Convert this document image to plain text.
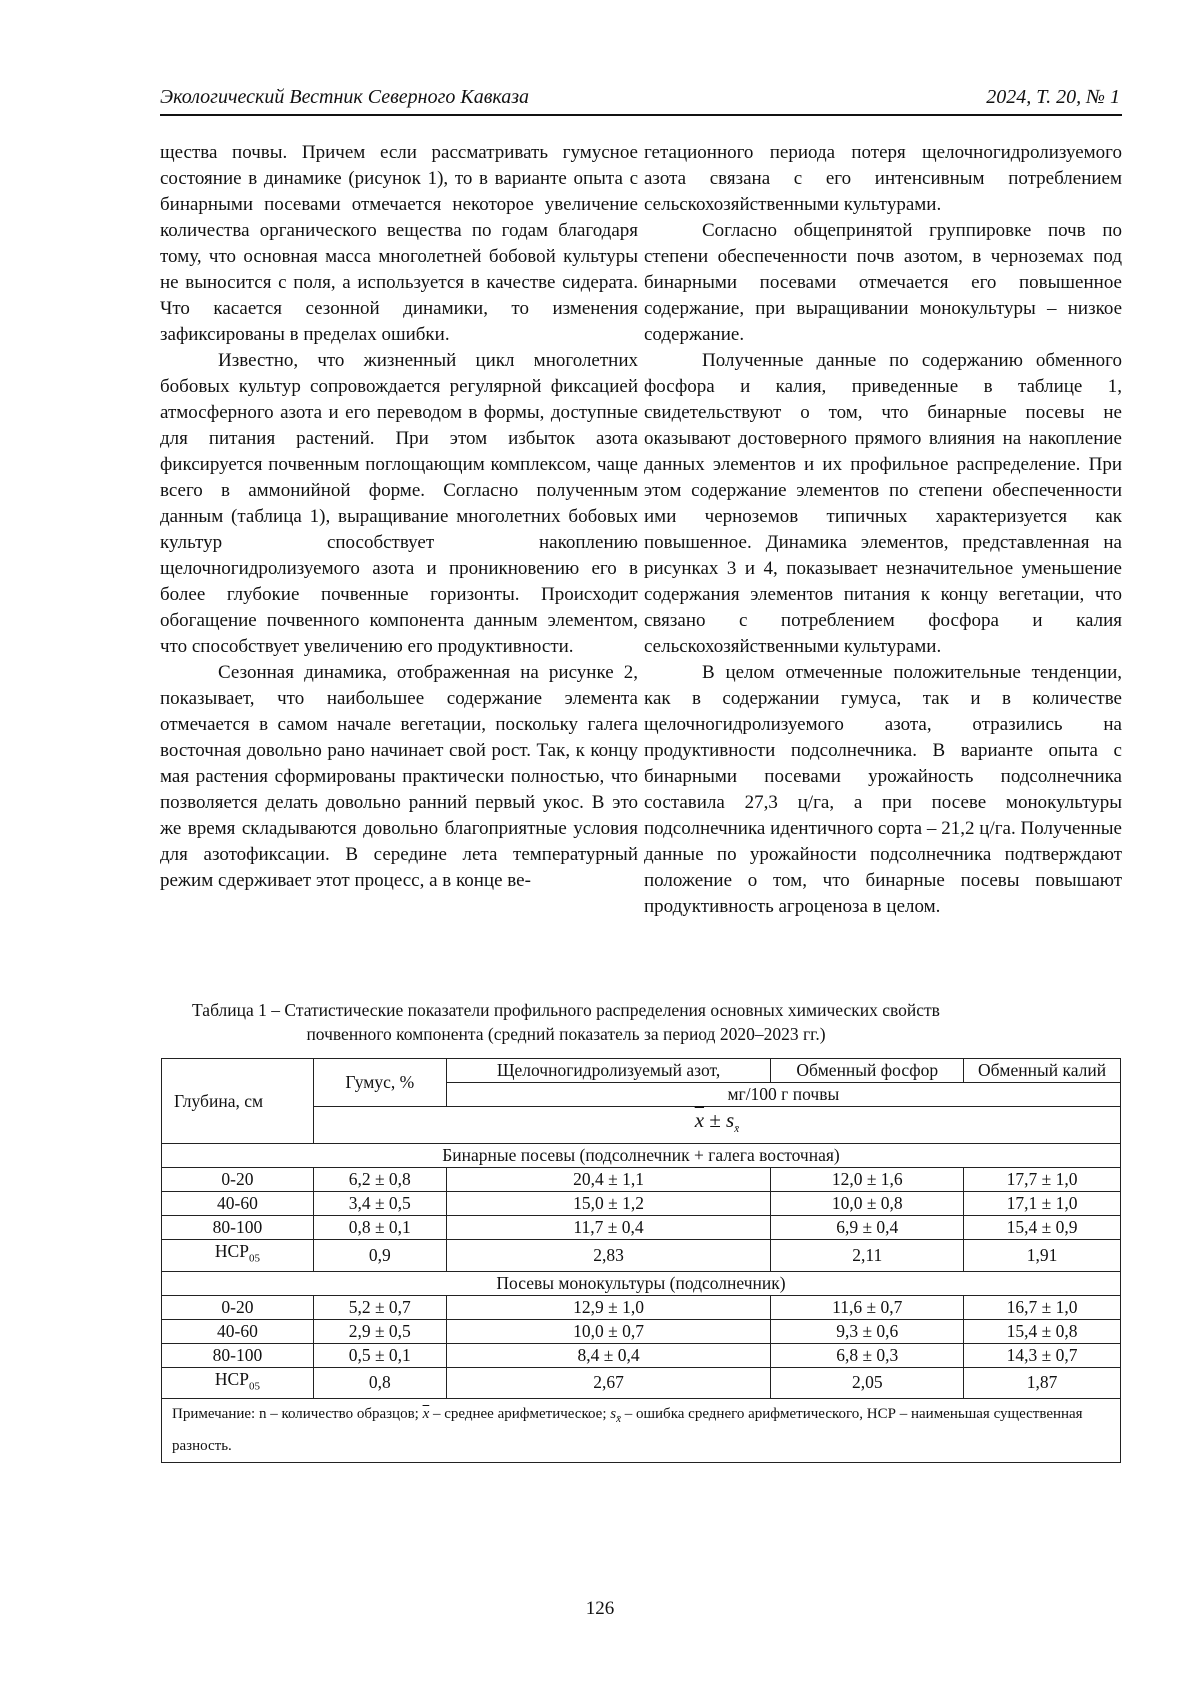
Экологический Вестник Северного Кавказа	2024, Т. 20, № 1

щества почвы. Причем если рассматривать гумусное состояние в динамике (рисунок 1), то в варианте опыта с бинарными посевами отмечается некоторое увеличение количества органического вещества по годам благодаря тому, что основная масса многолетней бобовой культуры не выносится с поля, а используется в качестве сидерата. Что касается сезонной динамики, то изменения зафиксированы в пределах ошибки.

Известно, что жизненный цикл многолетних бобовых культур сопровождается регулярной фиксацией атмосферного азота и его переводом в формы, доступные для питания растений. При этом избыток азота фиксируется почвенным поглощающим комплексом, чаще всего в аммонийной форме. Согласно полученным данным (таблица 1), выращивание многолетних бобовых культур способствует накоплению щелочногидролизуемого азота и проникновению его в более глубокие почвенные горизонты. Происходит обогащение почвенного компонента данным элементом, что способствует увеличению его продуктивности.

Сезонная динамика, отображенная на рисунке 2, показывает, что наибольшее содержание элемента отмечается в самом начале вегетации, поскольку галега восточная довольно рано начинает свой рост. Так, к концу мая растения сформированы практически полностью, что позволяется делать довольно ранний первый укос. В это же время складываются довольно благоприятные условия для азотофиксации. В середине лета температурный режим сдерживает этот процесс, а в конце ве-

гетационного периода потеря щелочногидролизуемого азота связана с его интенсивным потреблением сельскохозяйственными культурами.

Согласно общепринятой группировке почв по степени обеспеченности почв азотом, в черноземах под бинарными посевами отмечается его повышенное содержание, при выращивании монокультуры – низкое содержание.

Полученные данные по содержанию обменного фосфора и калия, приведенные в таблице 1, свидетельствуют о том, что бинарные посевы не оказывают достоверного прямого влияния на накопление данных элементов и их профильное распределение. При этом содержание элементов по степени обеспеченности ими черноземов типичных характеризуется как повышенное. Динамика элементов, представленная на рисунках 3 и 4, показывает незначительное уменьшение содержания элементов питания к концу вегетации, что связано с потреблением фосфора и калия сельскохозяйственными культурами.

В целом отмеченные положительные тенденции, как в содержании гумуса, так и в количестве щелочногидролизуемого азота, отразились на продуктивности подсолнечника. В варианте опыта с бинарными посевами урожайность подсолнечника составила 27,3 ц/га, а при посеве монокультуры подсолнечника идентичного сорта – 21,2 ц/га. Полученные данные по урожайности подсолнечника подтверждают положение о том, что бинарные посевы повышают продуктивность агроценоза в целом.

Таблица 1 – Статистические показатели профильного распределения основных химических свойств
почвенного компонента (средний показатель за период 2020–2023 гг.)
Глубина, см	Гумус, %	Щелочногидролизуемый азот,	Обменный фосфор	Обменный калий
		мг/100 г почвы		
	$\overline{x} \pm s_{x̄}$
Бинарные посевы (подсолнечник + галега восточная)				
0-20	6,2 ± 0,8	20,4 ± 1,1	12,0 ± 1,6	17,7 ± 1,0
40-60	3,4 ± 0,5	15,0 ± 1,2	10,0 ± 0,8	17,1 ± 1,0
80-100	0,8 ± 0,1	11,7 ± 0,4	6,9 ± 0,4	15,4 ± 0,9
$НСР_{05}$	0,9	2,83	2,11	1,91
Посевы монокультуры (подсолнечник)				
0-20	5,2 ± 0,7	12,9 ± 1,0	11,6 ± 0,7	16,7 ± 1,0
40-60	2,9 ± 0,5	10,0 ± 0,7	9,3 ± 0,6	15,4 ± 0,8
80-100	0,5 ± 0,1	8,4 ± 0,4	6,8 ± 0,3	14,3 ± 0,7
$НСР_{05}$	0,8	2,67	2,05	1,87
Примечание: n – количество образцов; $\overline{x}$ – среднее арифметическое; $s_{x̄}$ – ошибка среднего арифметического, НСР – наименьшая существенная разность.				
126
